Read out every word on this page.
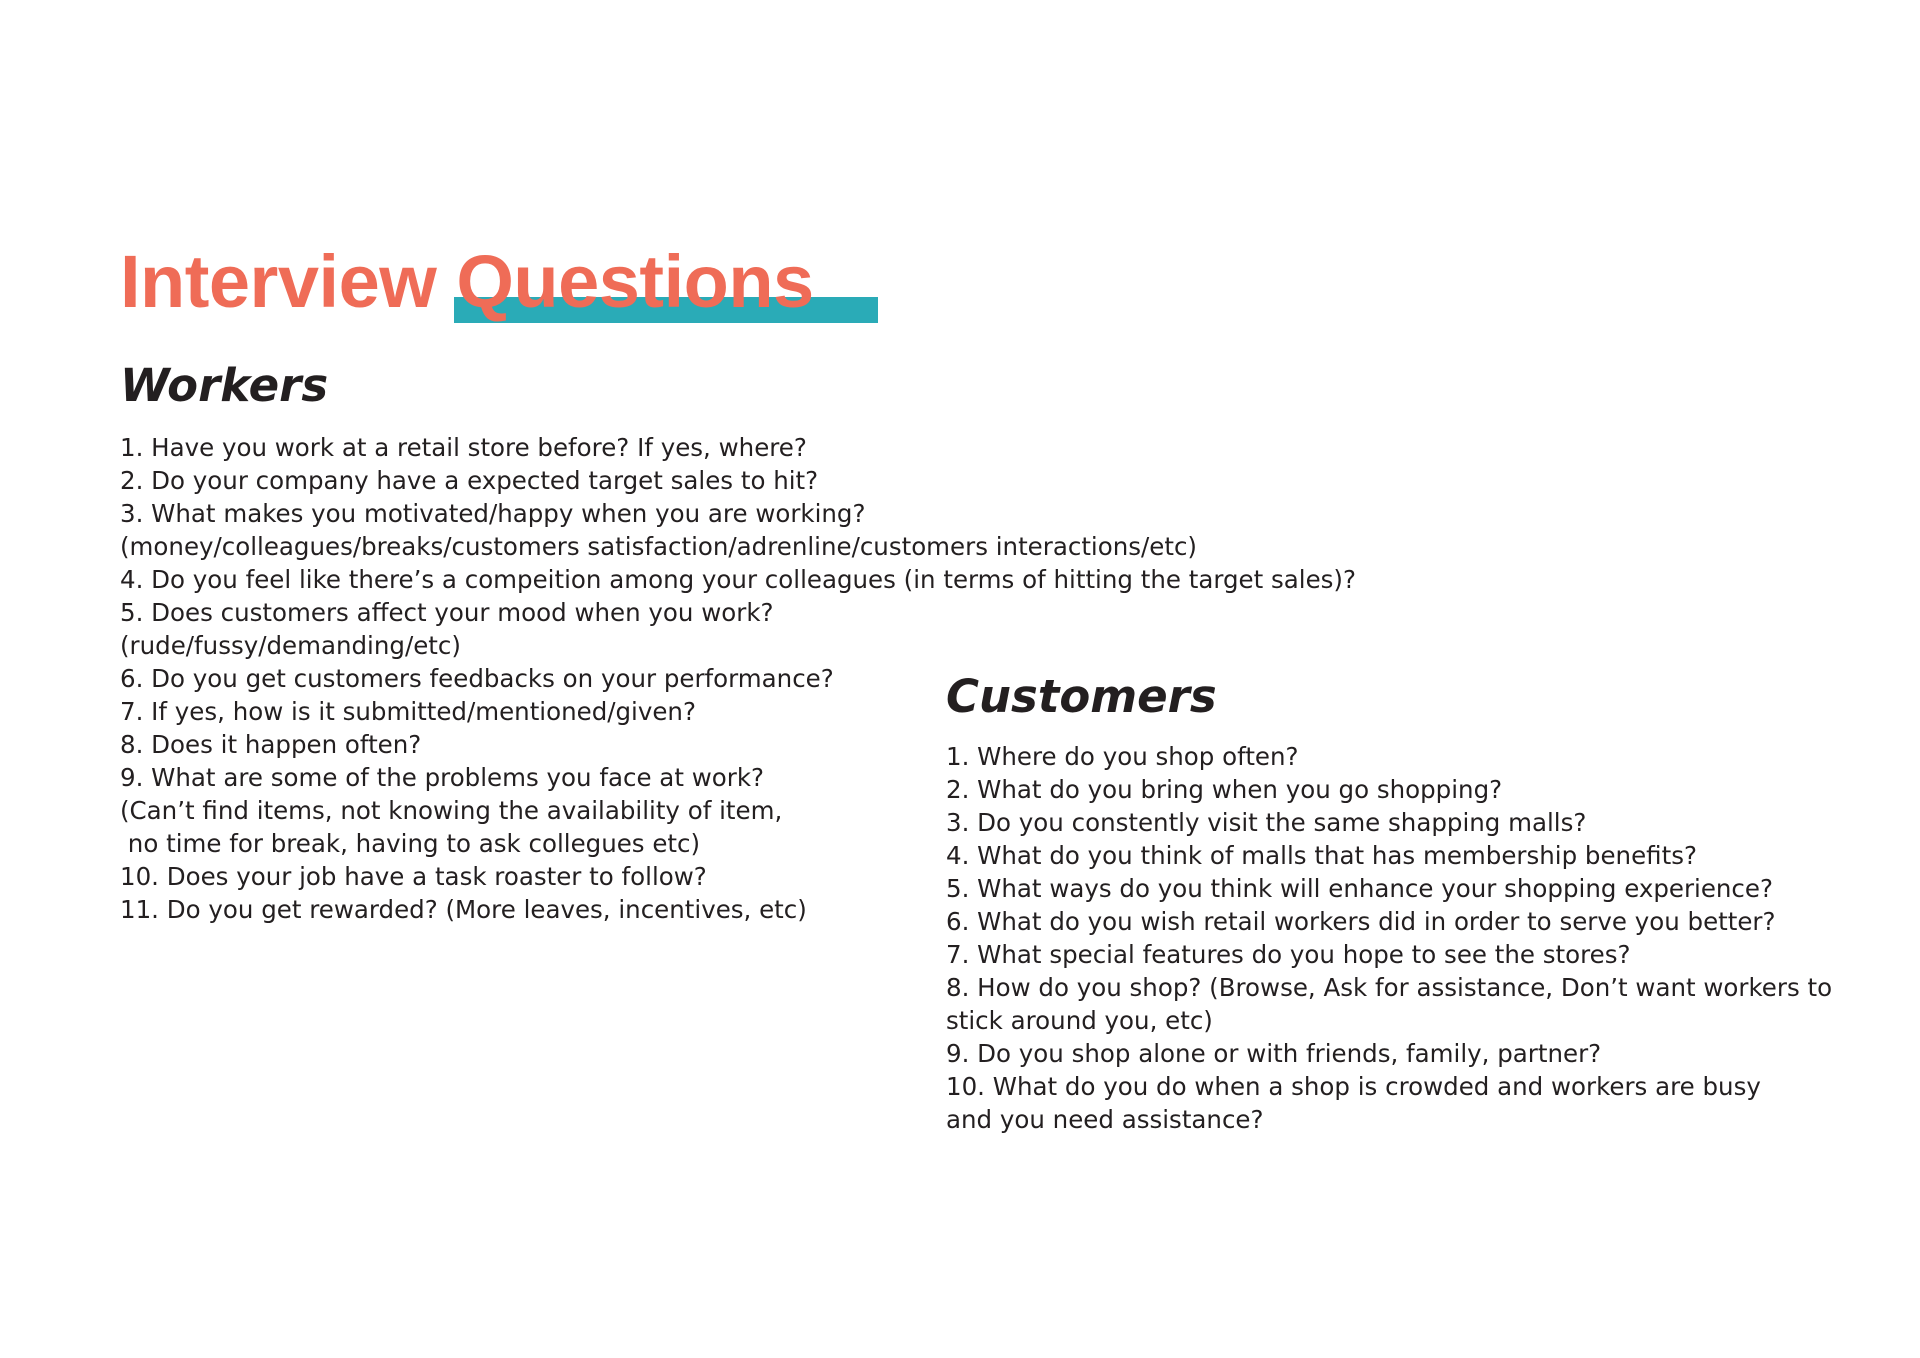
Interview Questions
Workers
1. Have you work at a retail store before? If yes, where?
2. Do your company have a expected target sales to hit?
3. What makes you motivated/happy when you are working?
(money/colleagues/breaks/customers satisfaction/adrenline/customers interactions/etc)
4. Do you feel like there’s a compeition among your colleagues (in terms of hitting the target sales)?
5. Does customers affect your mood when you work?
(rude/fussy/demanding/etc)
6. Do you get customers feedbacks on your performance?
7. If yes, how is it submitted/mentioned/given?
8. Does it happen often?
9. What are some of the problems you face at work?
(Can’t find items, not knowing the availability of item,
no time for break, having to ask collegues etc)
10. Does your job have a task roaster to follow?
11. Do you get rewarded? (More leaves, incentives, etc)
Customers
1. Where do you shop often?
2. What do you bring when you go shopping?
3. Do you constently visit the same shapping malls?
4. What do you think of malls that has membership benefits?
5. What ways do you think will enhance your shopping experience?
6. What do you wish retail workers did in order to serve you better?
7. What special features do you hope to see the stores?
8. How do you shop? (Browse, Ask for assistance, Don’t want workers to
stick around you, etc)
9. Do you shop alone or with friends, family, partner?
10. What do you do when a shop is crowded and workers are busy
and you need assistance?
